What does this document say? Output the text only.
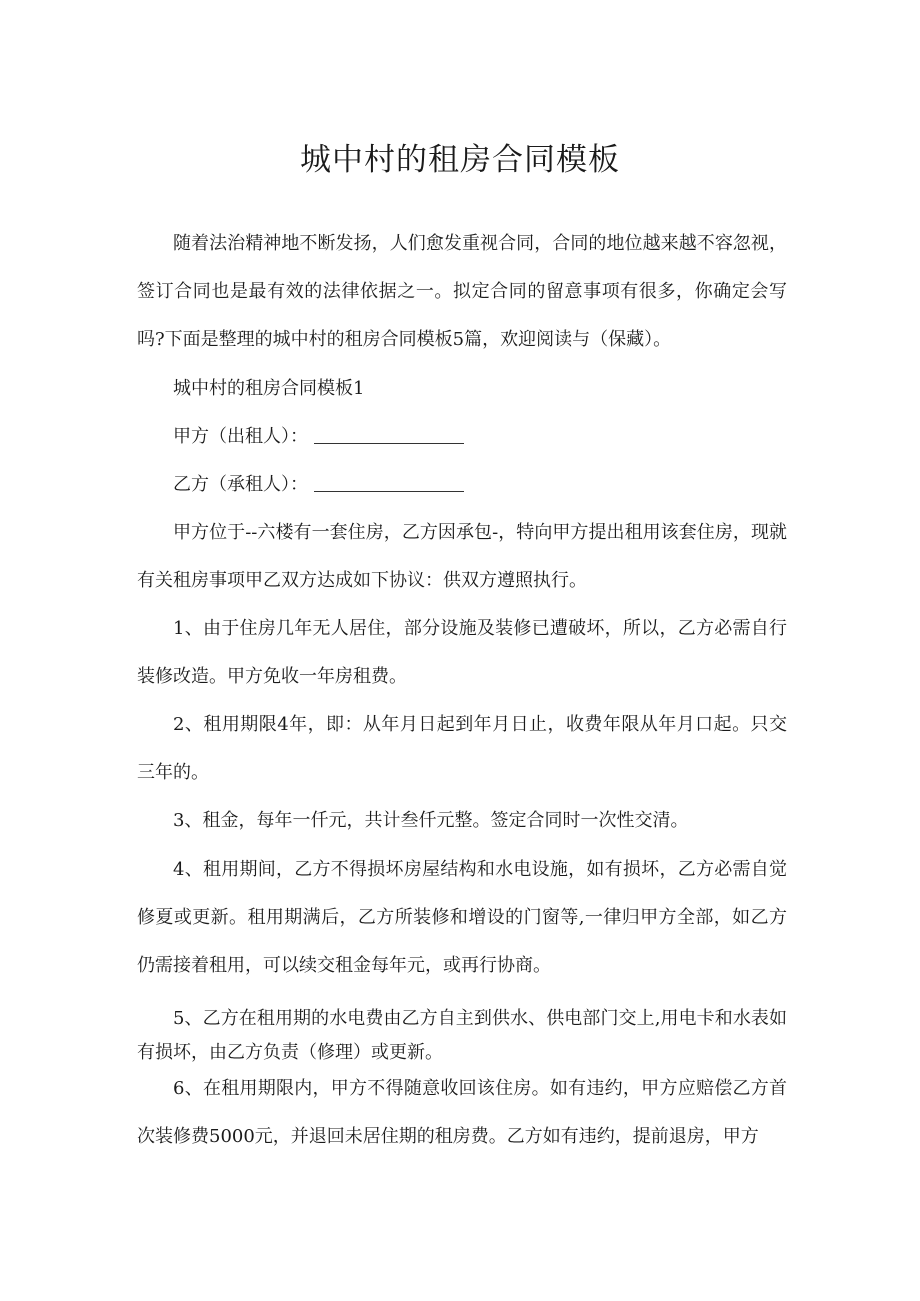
城中村的租房合同模板

随着法治精神地不断发扬，人们愈发重视合同，合同的地位越来越不容忽视，签订合同也是最有效的法律依据之一。拟定合同的留意事项有很多，你确定会写吗?下面是整理的城中村的租房合同模板5篇，欢迎阅读与（保藏）。

城中村的租房合同模板1

甲方（出租人）：

乙方（承租人）：

甲方位于--六楼有一套住房，乙方因承包-，特向甲方提出租用该套住房，现就有关租房事项甲乙双方达成如下协议：供双方遵照执行。

1、由于住房几年无人居住，部分设施及装修已遭破坏，所以，乙方必需自行装修改造。甲方免收一年房租费。

2、租用期限4年，即：从年月日起到年月日止，收费年限从年月口起。只交三年的。

3、租金，每年一仟元，共计叁仟元整。签定合同时一次性交清。

4、租用期间，乙方不得损坏房屋结构和水电设施，如有损坏，乙方必需自觉修夏或更新。租用期满后，乙方所装修和增设的门窗等,一律归甲方全部，如乙方仍需接着租用，可以续交租金每年元，或再行协商。

5、乙方在租用期的水电费由乙方自主到供水、供电部门交上,用电卡和水表如有损坏，由乙方负责（修理）或更新。

6、在租用期限内，甲方不得随意收回该住房。如有违约，甲方应赔偿乙方首次装修费5000元，并退回未居住期的租房费。乙方如有违约，提前退房，甲方
